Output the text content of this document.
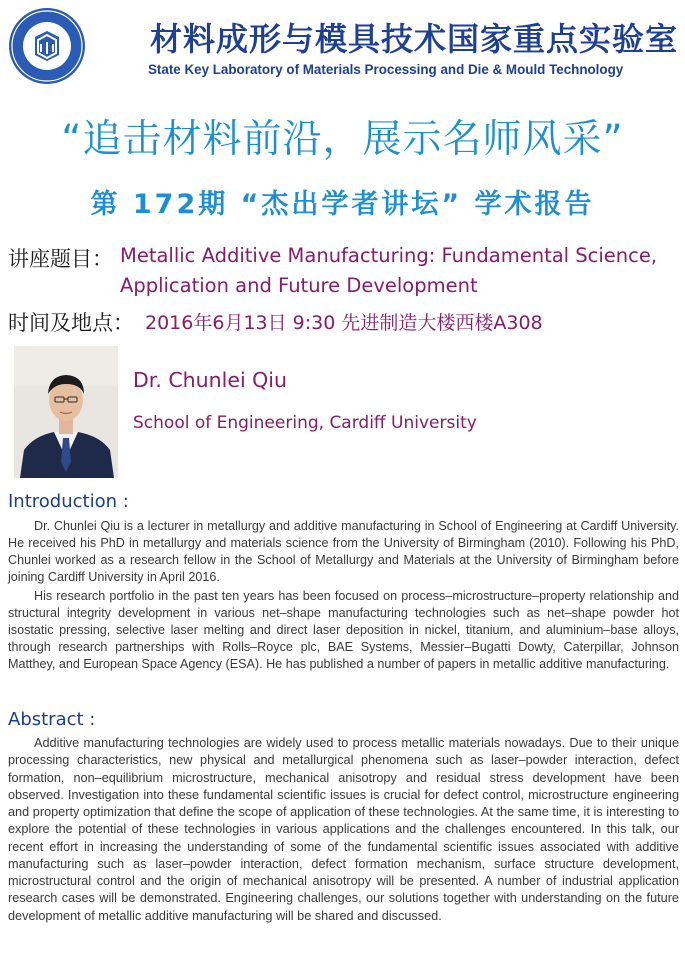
材料成形与模具技术国家重点实验室
State Key Laboratory of Materials Processing and Die & Mould Technology
“追击材料前沿，展示名师风采”
第 172期 “杰出学者讲坛” 学术报告
讲座题目： Metallic Additive Manufacturing: Fundamental Science,
Application and Future Development
时间及地点： 2016年6月13日 9:30 先进制造大楼西楼A308
Dr. Chunlei Qiu
School of Engineering, Cardiff University
Introduction :
Dr. Chunlei Qiu is a lecturer in metallurgy and additive manufacturing in School of Engineering at Cardiff University. He received his PhD in metallurgy and materials science from the University of Birmingham (2010). Following his PhD, Chunlei worked as a research fellow in the School of Metallurgy and Materials at the University of Birmingham before joining Cardiff University in April 2016.
His research portfolio in the past ten years has been focused on process–microstructure–property relationship and structural integrity development in various net–shape manufacturing technologies such as net–shape powder hot isostatic pressing, selective laser melting and direct laser deposition in nickel, titanium, and aluminium–base alloys, through research partnerships with Rolls–Royce plc, BAE Systems, Messier–Bugatti Dowty, Caterpillar, Johnson Matthey, and European Space Agency (ESA). He has published a number of papers in metallic additive manufacturing.
Abstract :
Additive manufacturing technologies are widely used to process metallic materials nowadays. Due to their unique processing characteristics, new physical and metallurgical phenomena such as laser–powder interaction, defect formation, non–equilibrium microstructure, mechanical anisotropy and residual stress development have been observed. Investigation into these fundamental scientific issues is crucial for defect control, microstructure engineering and property optimization that define the scope of application of these technologies. At the same time, it is interesting to explore the potential of these technologies in various applications and the challenges encountered. In this talk, our recent effort in increasing the understanding of some of the fundamental scientific issues associated with additive manufacturing such as laser–powder interaction, defect formation mechanism, surface structure development, microstructural control and the origin of mechanical anisotropy will be presented. A number of industrial application research cases will be demonstrated. Engineering challenges, our solutions together with understanding on the future development of metallic additive manufacturing will be shared and discussed.
